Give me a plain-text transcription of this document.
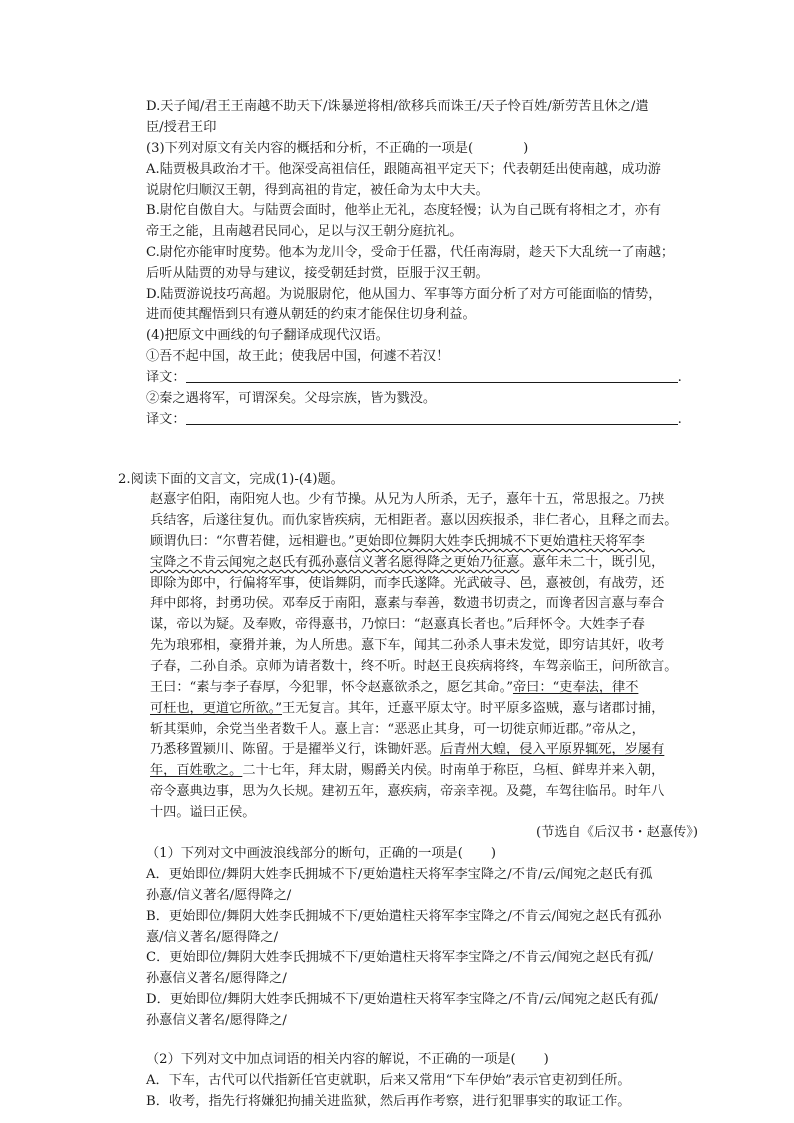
D.天子闻/君王王南越不助天下/诛暴逆将相/欲移兵而诛王/天子怜百姓/新劳苦且休之/遣
臣/授君王印
(3)下列对原文有关内容的概括和分析，不正确的一项是(	)
A.陆贾极具政治才干。他深受高祖信任，跟随高祖平定天下；代表朝廷出使南越，成功游
说尉佗归顺汉王朝，得到高祖的肯定，被任命为太中大夫。
B.尉佗自傲自大。与陆贾会面时，他举止无礼，态度轻慢；认为自己既有将相之才，亦有
帝王之能，且南越君民同心，足以与汉王朝分庭抗礼。
C.尉佗亦能审时度势。他本为龙川令，受命于任嚣，代任南海尉，趁天下大乱统一了南越；
后听从陆贾的劝导与建议，接受朝廷封赏，臣服于汉王朝。
D.陆贾游说技巧高超。为说服尉佗，他从国力、军事等方面分析了对方可能面临的情势，
进而使其醒悟到只有遵从朝廷的约束才能保住切身利益。
(4)把原文中画线的句子翻译成现代汉语。
①吾不起中国，故王此；使我居中国，何遽不若汉！
译文：	.
②秦之遇将军，可谓深矣。父母宗族，皆为戮没。
译文：	.
2.阅读下面的文言文，完成(1)-(4)题。
赵憙字伯阳，南阳宛人也。少有节操。从兄为人所杀，无子，憙年十五，常思报之。乃挟
兵结客，后遂往复仇。而仇家皆疾病，无相距者。憙以因疾报杀，非仁者心，且释之而去。
顾谓仇曰：“尔曹若健，远相避也。”更始即位舞阴大姓李氏拥城不下更始遣柱天将军李
宝降之不肯云闻宛之赵氏有孤孙憙信义著名愿得降之更始乃征憙。憙年未二十，既引见，
即除为郎中，行偏将军事，使诣舞阴，而李氏遂降。光武破寻、邑，憙被创，有战劳，还
拜中郎将，封勇功侯。邓奉反于南阳，憙素与奉善，数遗书切责之，而谗者因言憙与奉合
谋，帝以为疑。及奉败，帝得憙书，乃惊曰：“赵憙真长者也。”后拜怀令。大姓李子春
先为琅邪相，豪猾并兼，为人所患。憙下车，闻其二孙杀人事未发觉，即穷诘其奸，收考
子春，二孙自杀。京师为请者数十，终不听。时赵王良疾病将终，车驾亲临王，问所欲言。
王曰：“素与李子春厚，今犯罪，怀令赵憙欲杀之，愿乞其命。”帝曰：“吏奉法，律不
可枉也，更道它所欲。”王无复言。其年，迁憙平原太守。时平原多盗贼，憙与诸郡讨捕，
斩其渠帅，余党当坐者数千人。憙上言：“恶恶止其身，可一切徙京师近郡。”帝从之，
乃悉移置颍川、陈留。于是擢举义行，诛锄奸恶。后青州大蝗，侵入平原界辄死，岁屡有
年，百姓歌之。二十七年，拜太尉，赐爵关内侯。时南单于称臣，乌桓、鲜卑并来入朝，
帝令憙典边事，思为久长规。建初五年，憙疾病，帝亲幸视。及薨，车驾往临吊。时年八
十四。谥曰正侯。
(节选自《后汉书・赵憙传》)
（1）下列对文中画波浪线部分的断句，正确的一项是( )
A．更始即位/舞阴大姓李氏拥城不下/更始遣柱天将军李宝降之/不肯/云/闻宛之赵氏有孤
孙憙/信义著名/愿得降之/
B．更始即位/舞阴大姓李氏拥城不下/更始遣柱天将军李宝降之/不肯云/闻宛之赵氏有孤孙
憙/信义著名/愿得降之/
C．更始即位/舞阴大姓李氏拥城不下/更始遣柱天将军李宝降之/不肯云/闻宛之赵氏有孤/
孙憙信义著名/愿得降之/
D．更始即位/舞阴大姓李氏拥城不下/更始遣柱天将军李宝降之/不肯/云/闻宛之赵氏有孤/
孙憙信义著名/愿得降之/
（2）下列对文中加点词语的相关内容的解说，不正确的一项是( )
A．下车，古代可以代指新任官吏就职，后来又常用“下车伊始”表示官吏初到任所。
B．收考，指先行将嫌犯拘捕关进监狱，然后再作考察，进行犯罪事实的取证工作。
